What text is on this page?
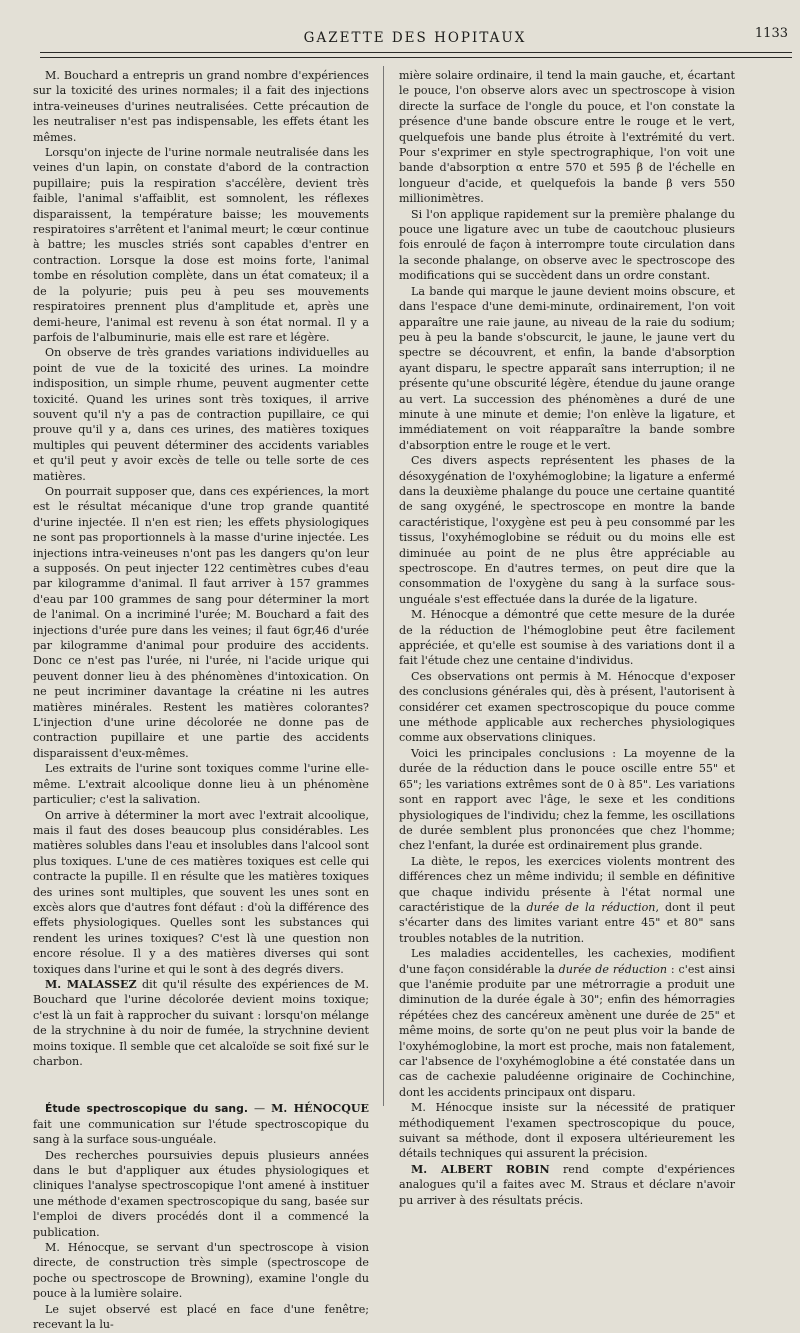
GAZETTE DES HOPITAUX	1133

M. Bouchard a entrepris un grand nombre d'expériences sur la toxicité des urines normales; il a fait des injections intra-veineuses d'urines neutralisées. Cette précaution de les neutraliser n'est pas indispensable, les effets étant les mêmes.

Lorsqu'on injecte de l'urine normale neutralisée dans les veines d'un lapin, on constate d'abord de la contraction pupillaire; puis la respiration s'accélère, devient très faible, l'animal s'affaiblit, est somnolent, les réflexes disparaissent, la température baisse; les mouvements respiratoires s'arrêtent et l'animal meurt; le cœur continue à battre; les muscles striés sont capables d'entrer en contraction. Lorsque la dose est moins forte, l'animal tombe en résolution complète, dans un état comateux; il a de la polyurie; puis peu à peu ses mouvements respiratoires prennent plus d'amplitude et, après une demi-heure, l'animal est revenu à son état normal. Il y a parfois de l'albuminurie, mais elle est rare et légère.

On observe de très grandes variations individuelles au point de vue de la toxicité des urines. La moindre indisposition, un simple rhume, peuvent augmenter cette toxicité. Quand les urines sont très toxiques, il arrive souvent qu'il n'y a pas de contraction pupillaire, ce qui prouve qu'il y a, dans ces urines, des matières toxiques multiples qui peuvent déterminer des accidents variables et qu'il peut y avoir excès de telle ou telle sorte de ces matières.

On pourrait supposer que, dans ces expériences, la mort est le résultat mécanique d'une trop grande quantité d'urine injectée. Il n'en est rien; les effets physiologiques ne sont pas proportionnels à la masse d'urine injectée. Les injections intra-veineuses n'ont pas les dangers qu'on leur a supposés. On peut injecter 122 centimètres cubes d'eau par kilogramme d'animal. Il faut arriver à 157 grammes d'eau par 100 grammes de sang pour déterminer la mort de l'animal. On a incriminé l'urée; M. Bouchard a fait des injections d'urée pure dans les veines; il faut 6gr,46 d'urée par kilogramme d'animal pour produire des accidents. Donc ce n'est pas l'urée, ni l'urée, ni l'acide urique qui peuvent donner lieu à des phénomènes d'intoxication. On ne peut incriminer davantage la créatine ni les autres matières minérales. Restent les matières colorantes? L'injection d'une urine décolorée ne donne pas de contraction pupillaire et une partie des accidents disparaissent d'eux-mêmes.

Les extraits de l'urine sont toxiques comme l'urine elle-même. L'extrait alcoolique donne lieu à un phénomène particulier; c'est la salivation.

On arrive à déterminer la mort avec l'extrait alcoolique, mais il faut des doses beaucoup plus considérables. Les matières solubles dans l'eau et insolubles dans l'alcool sont plus toxiques. L'une de ces matières toxiques est celle qui contracte la pupille. Il en résulte que les matières toxiques des urines sont multiples, que souvent les unes sont en excès alors que d'autres font défaut : d'où la différence des effets physiologiques. Quelles sont les substances qui rendent les urines toxiques? C'est là une question non encore résolue. Il y a des matières diverses qui sont toxiques dans l'urine et qui le sont à des degrés divers.

M. MALASSEZ dit qu'il résulte des expériences de M. Bouchard que l'urine décolorée devient moins toxique; c'est là un fait à rapprocher du suivant : lorsqu'on mélange de la strychnine à du noir de fumée, la strychnine devient moins toxique. Il semble que cet alcaloïde se soit fixé sur le charbon.

Étude spectroscopique du sang. — M. HÉNOCQUE fait une communication sur l'étude spectroscopique du sang à la surface sous-unguéale.

Des recherches poursuivies depuis plusieurs années dans le but d'appliquer aux études physiologiques et cliniques l'analyse spectroscopique l'ont amené à instituer une méthode d'examen spectroscopique du sang, basée sur l'emploi de divers procédés dont il a commencé la publication.

M. Hénocque, se servant d'un spectroscope à vision directe, de construction très simple (spectroscope de poche ou spectroscope de Browning), examine l'ongle du pouce à la lumière solaire.

Le sujet observé est placé en face d'une fenêtre; recevant la lu-

mière solaire ordinaire, il tend la main gauche, et, écartant le pouce, l'on observe alors avec un spectroscope à vision directe la surface de l'ongle du pouce, et l'on constate la présence d'une bande obscure entre le rouge et le vert, quelquefois une bande plus étroite à l'extrémité du vert. Pour s'exprimer en style spectrographique, l'on voit une bande d'absorption α entre 570 et 595 β de l'échelle en longueur d'acide, et quelquefois la bande β vers 550 millionimètres.

Si l'on applique rapidement sur la première phalange du pouce une ligature avec un tube de caoutchouc plusieurs fois enroulé de façon à interrompre toute circulation dans la seconde phalange, on observe avec le spectroscope des modifications qui se succèdent dans un ordre constant.

La bande qui marque le jaune devient moins obscure, et dans l'espace d'une demi-minute, ordinairement, l'on voit apparaître une raie jaune, au niveau de la raie du sodium; peu à peu la bande s'obscurcit, le jaune, le jaune vert du spectre se découvrent, et enfin, la bande d'absorption ayant disparu, le spectre apparaît sans interruption; il ne présente qu'une obscurité légère, étendue du jaune orange au vert. La succession des phénomènes a duré de une minute à une minute et demie; l'on enlève la ligature, et immédiatement on voit réapparaître la bande sombre d'absorption entre le rouge et le vert.

Ces divers aspects représentent les phases de la désoxygénation de l'oxyhémoglobine; la ligature a enfermé dans la deuxième phalange du pouce une certaine quantité de sang oxygéné, le spectroscope en montre la bande caractéristique, l'oxygène est peu à peu consommé par les tissus, l'oxyhémoglobine se réduit ou du moins elle est diminuée au point de ne plus être appréciable au spectroscope. En d'autres termes, on peut dire que la consommation de l'oxygène du sang à la surface sous-unguéale s'est effectuée dans la durée de la ligature.

M. Hénocque a démontré que cette mesure de la durée de la réduction de l'hémoglobine peut être facilement appréciée, et qu'elle est soumise à des variations dont il a fait l'étude chez une centaine d'individus.

Ces observations ont permis à M. Hénocque d'exposer des conclusions générales qui, dès à présent, l'autorisent à considérer cet examen spectroscopique du pouce comme une méthode applicable aux recherches physiologiques comme aux observations cliniques.

Voici les principales conclusions : La moyenne de la durée de la réduction dans le pouce oscille entre 55" et 65"; les variations extrêmes sont de 0 à 85". Les variations sont en rapport avec l'âge, le sexe et les conditions physiologiques de l'individu; chez la femme, les oscillations de durée semblent plus prononcées que chez l'homme; chez l'enfant, la durée est ordinairement plus grande.

La diète, le repos, les exercices violents montrent des différences chez un même individu; il semble en définitive que chaque individu présente à l'état normal une caractéristique de la durée de la réduction, dont il peut s'écarter dans des limites variant entre 45" et 80" sans troubles notables de la nutrition.

Les maladies accidentelles, les cachexies, modifient d'une façon considérable la durée de réduction : c'est ainsi que l'anémie produite par une métrorragie a produit une diminution de la durée égale à 30"; enfin des hémorragies répétées chez des cancéreux amènent une durée de 25" et même moins, de sorte qu'on ne peut plus voir la bande de l'oxyhémoglobine, la mort est proche, mais non fatalement, car l'absence de l'oxyhémoglobine a été constatée dans un cas de cachexie paludéenne originaire de Cochinchine, dont les accidents principaux ont disparu.

M. Hénocque insiste sur la nécessité de pratiquer méthodiquement l'examen spectroscopique du pouce, suivant sa méthode, dont il exposera ultérieurement les détails techniques qui assurent la précision.

M. ALBERT ROBIN rend compte d'expériences analogues qu'il a faites avec M. Straus et déclare n'avoir pu arriver à des résultats précis.
